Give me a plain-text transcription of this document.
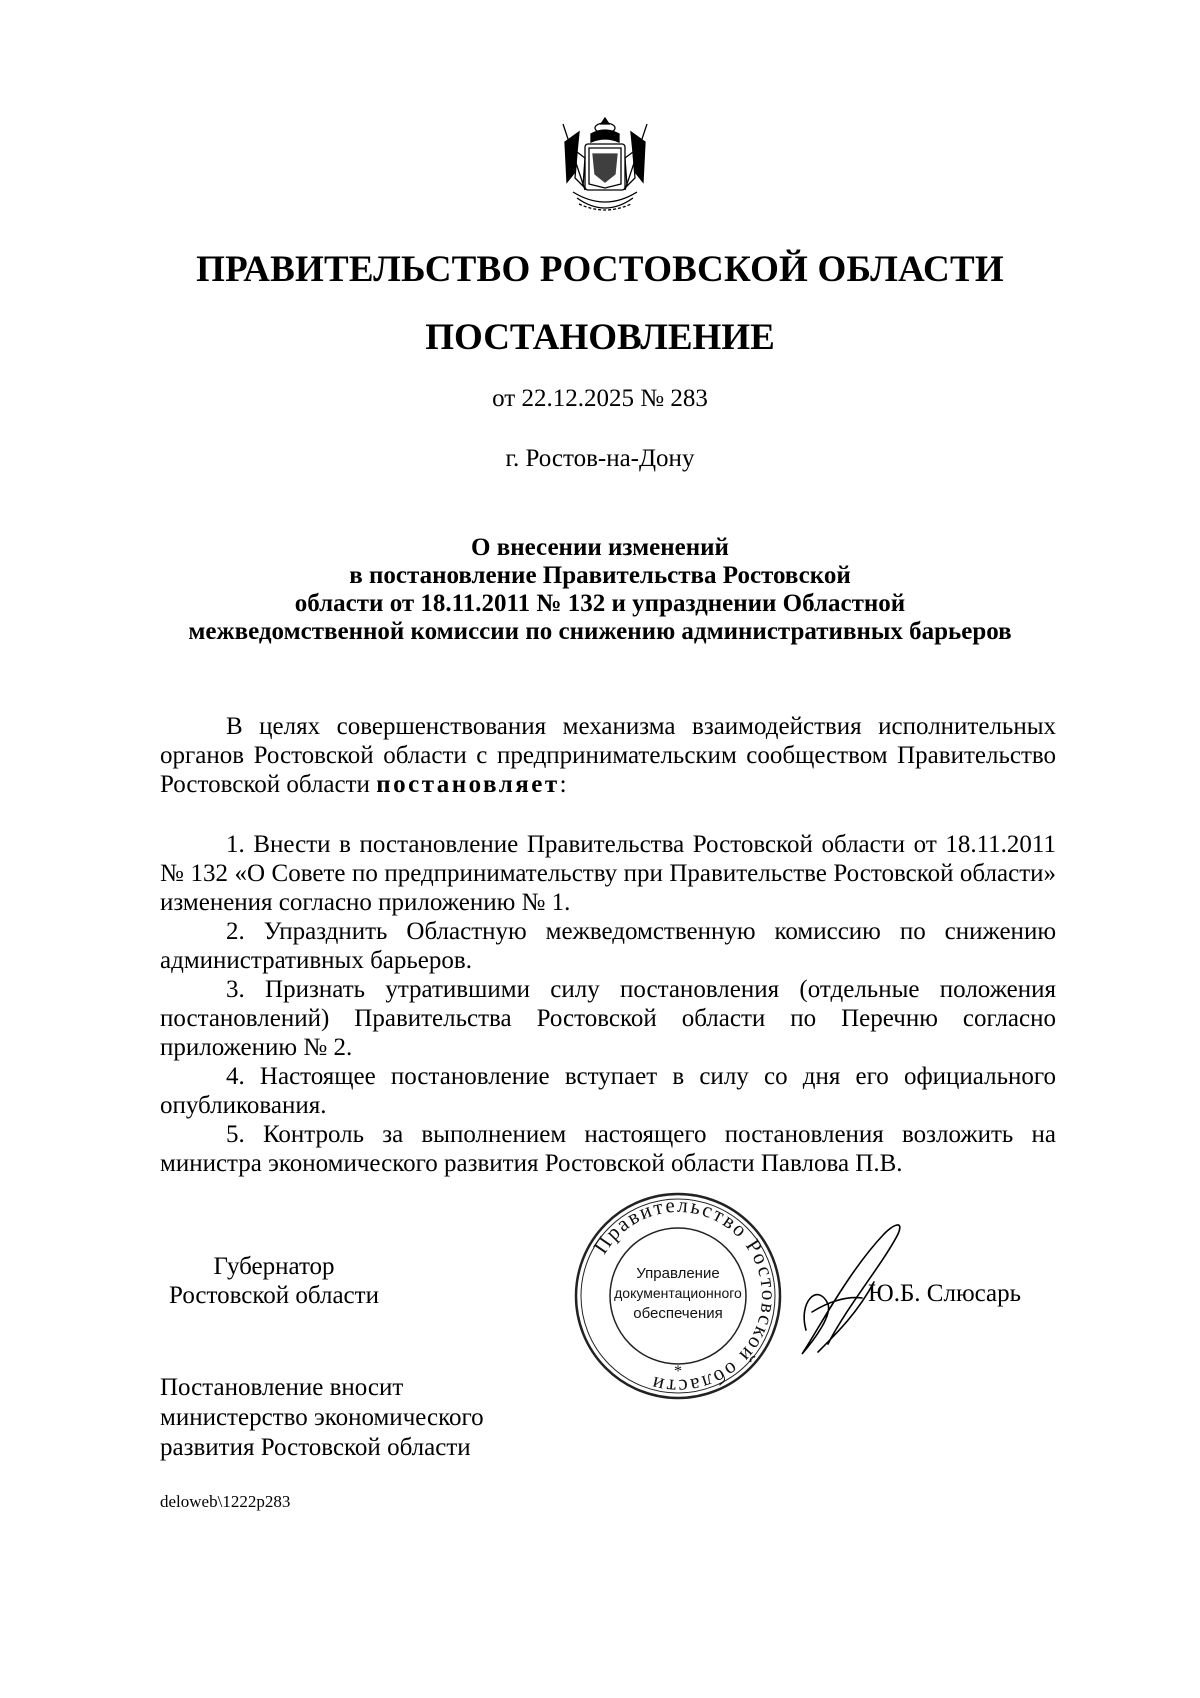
ПРАВИТЕЛЬСТВО РОСТОВСКОЙ ОБЛАСТИ
ПОСТАНОВЛЕНИЕ
от 22.12.2025 № 283
г. Ростов-на-Дону
О внесении изменений
в постановление Правительства Ростовской
области от 18.11.2011 № 132 и упразднении Областной
межведомственной комиссии по снижению административных барьеров

В целях совершенствования механизма взаимодействия исполнительных органов Ростовской области с предпринимательским сообществом Правительство Ростовской области постановляет:

1. Внести в постановление Правительства Ростовской области от 18.11.2011 № 132 «О Совете по предпринимательству при Правительстве Ростовской области» изменения согласно приложению № 1.

2. Упразднить Областную межведомственную комиссию по снижению административных барьеров.

3. Признать утратившими силу постановления (отдельные положения постановлений) Правительства Ростовской области по Перечню согласно приложению № 2.

4. Настоящее постановление вступает в силу со дня его официального опубликования.

5. Контроль за выполнением настоящего постановления возложить на министра экономического развития Ростовской области Павлова П.В.

Губернатор
Ростовской области
Правительство Ростовской области
Управление
документационного
обеспечения
*
Ю.Б. Слюсарь
Постановление вносит
министерство экономического
развития Ростовской области
deloweb\1222p283
